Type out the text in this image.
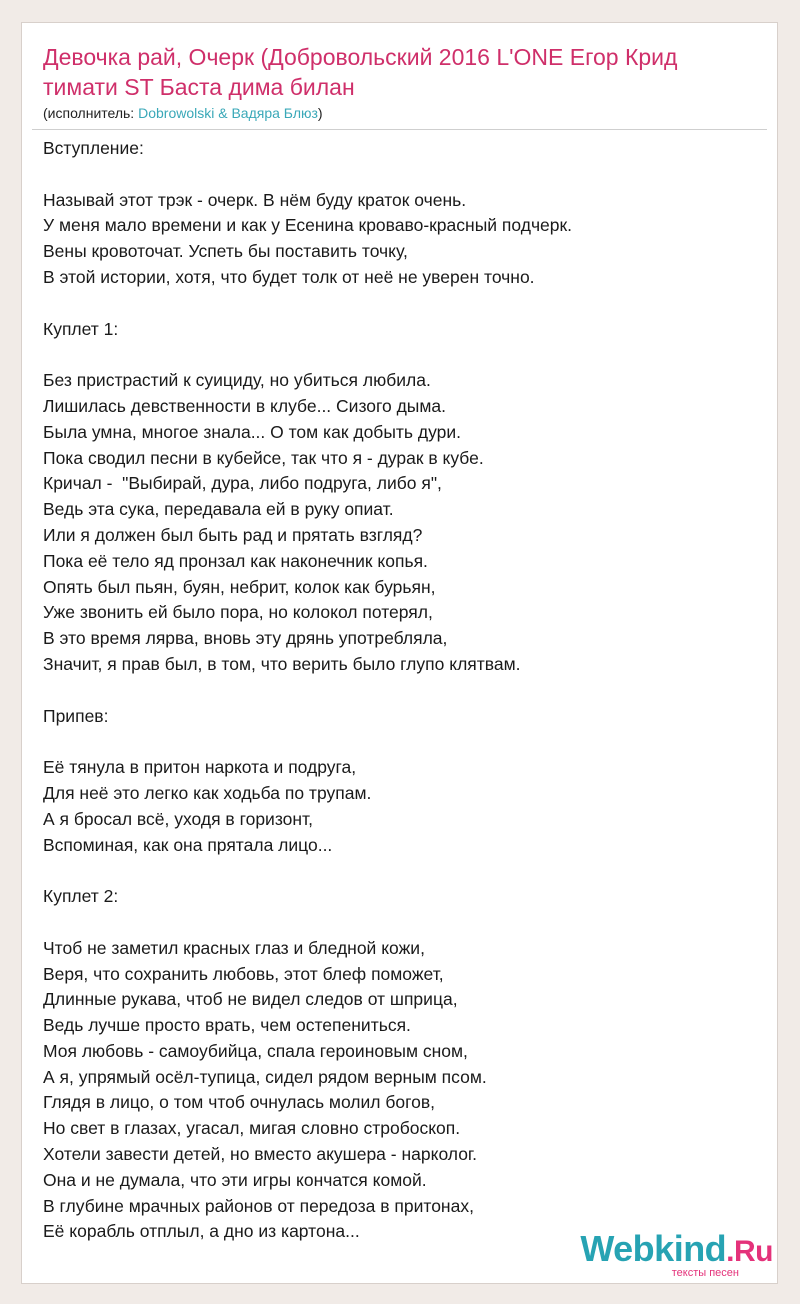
Девочка рай, Очерк (Добровольский 2016 L'ONE Егор Крид тимати ST Баста дима билан
(исполнитель: Dobrowolski & Вадяра Блюз)
Вступление:
Называй этот трэк - очерк. В нём буду краток очень.
У меня мало времени и как у Есенина кроваво-красный подчерк.
Вены кровоточат. Успеть бы поставить точку,
В этой истории, хотя, что будет толк от неё не уверен точно.
Куплет 1:
Без пристрастий к суициду, но убиться любила.
Лишилась девственности в клубе... Сизого дыма.
Была умна, многое знала... О том как добыть дури.
Пока сводил песни в кубейсе, так что я - дурак в кубе.
Кричал -  "Выбирай, дура, либо подруга, либо я",
Ведь эта сука, передавала ей в руку опиат.
Или я должен был быть рад и прятать взгляд?
Пока её тело яд пронзал как наконечник копья.
Опять был пьян, буян, небрит, колок как бурьян,
Уже звонить ей было пора, но колокол потерял,
В это время лярва, вновь эту дрянь употребляла,
Значит, я прав был, в том, что верить было глупо клятвам.
Припев:
Её тянула в притон наркота и подруга,
Для неё это легко как ходьба по трупам.
А я бросал всё, уходя в горизонт,
Вспоминая, как она прятала лицо...
Куплет 2:
Чтоб не заметил красных глаз и бледной кожи,
Веря, что сохранить любовь, этот блеф поможет,
Длинные рукава, чтоб не видел следов от шприца,
Ведь лучше просто врать, чем остепениться.
Моя любовь - самоубийца, спала героиновым сном,
А я, упрямый осёл-тупица, сидел рядом верным псом.
Глядя в лицо, о том чтоб очнулась молил богов,
Но свет в глазах, угасал, мигая словно стробоскоп.
Хотели завести детей, но вместо акушера - нарколог.
Она и не думала, что эти игры кончатся комой.
В глубине мрачных районов от передоза в притонах,
Её корабль отплыл, а дно из картона...	Webkind.Ru
тексты песен
